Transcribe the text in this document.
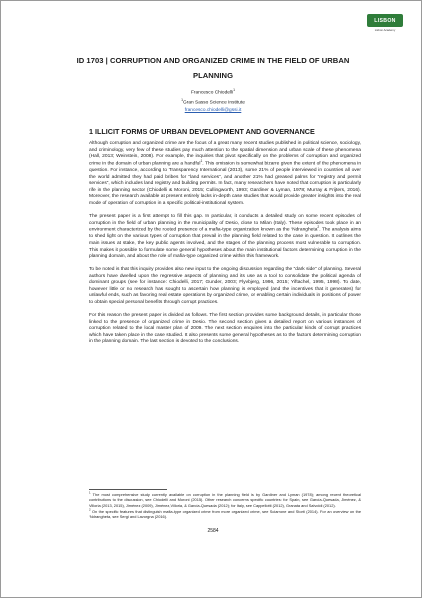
LISBON
Lisbon Academy
ID 1703 | CORRUPTION AND ORGANIZED CRIME IN THE FIELD OF URBAN PLANNING
Francesco Chiodelli$^1$
$^1$Gran Sasso Science Institute
francesco.chiodelli@gssi.it
1 ILLICIT FORMS OF URBAN DEVELOPMENT AND GOVERNANCE

Although corruption and organized crime are the focus of a great many recent studies published in political science, sociology, and criminology, very few of these studies pay much attention to the spatial dimension and urban scale of these phenomena (Hall, 2013; Weinstein, 2008). For example, the inquiries that pivot specifically on the problems of corruption and organized crime in the domain of urban planning are a handful$^1$. This omission is somewhat bizarre given the extent of the phenomena in question. For instance, according to Transparency International (2013), some 21% of people interviewed in countries all over the world admitted they had paid bribes for “land services”, and another 21% had greased palms for “registry and permit services”, which includes land registry and building permits. In fact, many researchers have noted that corruption is particularly rife in the planning sector (Chiodelli & Moroni, 2015; Cullingworth, 1993; Gardiner & Lyman, 1978; Murray & Frijters, 2016). Moreover, the research available at present entirely lacks in-depth case studies that would provide greater insights into the real mode of operation of corruption in a specific political-institutional system.

The present paper is a first attempt to fill this gap. In particular, it conducts a detailed study on some recent episodes of corruption in the field of urban planning in the municipality of Desio, close to Milan (Italy). These episodes took place in an environment characterized by the rooted presence of a mafia-type organization known as the ‘Ndrangheta$^2$. The analysis aims to shed light on the various types of corruption that prevail in the planning field related to the case in question. It outlines the main issues at stake, the key public agents involved, and the stages of the planning process most vulnerable to corruption. This makes it possible to formulate some general hypotheses about the main institutional factors determining corruption in the planning domain, and about the role of mafia-type organized crime within this framework.

To be noted is that this inquiry provides also new input to the ongoing discussion regarding the “dark side” of planning. Several authors have dwelled upon the regressive aspects of planning and its use as a tool to consolidate the political agenda of dominant groups (see for instance: Chiodelli, 2017; Gunder, 2003; Flyvbjerg, 1996, 2015; Yiftachel, 1995, 1998). To date, however little or no research has sought to ascertain how planning is employed (and the incentives that it generates) for unlawful ends, such as favoring real estate operations by organized crime, or enabling certain individuals in positions of power to obtain special personal benefits through corrupt practices.

For this reason the present paper is divided as follows. The first section provides some background details, in particular those linked to the presence of organized crime in Desio. The second section gives a detailed report on various instances of corruption related to the local master plan of 2009. The next section enquires into the particular kinds of corrupt practices which have taken place in the case studied. It also presents some general hypotheses as to the factors determining corruption in the planning domain. The last section is devoted to the conclusions.

$^1$ The most comprehensive study currently available on corruption in the planning field is by Gardiner and Lyman (1978); among recent theoretical contributions to the discussion, see Chiodelli and Moroni (2015). Other research concerns specific countries: for Spain, see García-Quesada, Jiménez, & Villoria (2013, 2015), Jiménez (2009), Jiménez,Villoria, & García-Quesada (2012); for Italy, see Cappellotti (2012), Granata and Salvoldi (2012).

$^2$ On the specific features that distinguish mafia-type organized crime from more organized crime, see Sciarrone and Storti (2014). For an overview on the ‘Ndrangheta, see Sergi and Lavorgna (2016).

2584
